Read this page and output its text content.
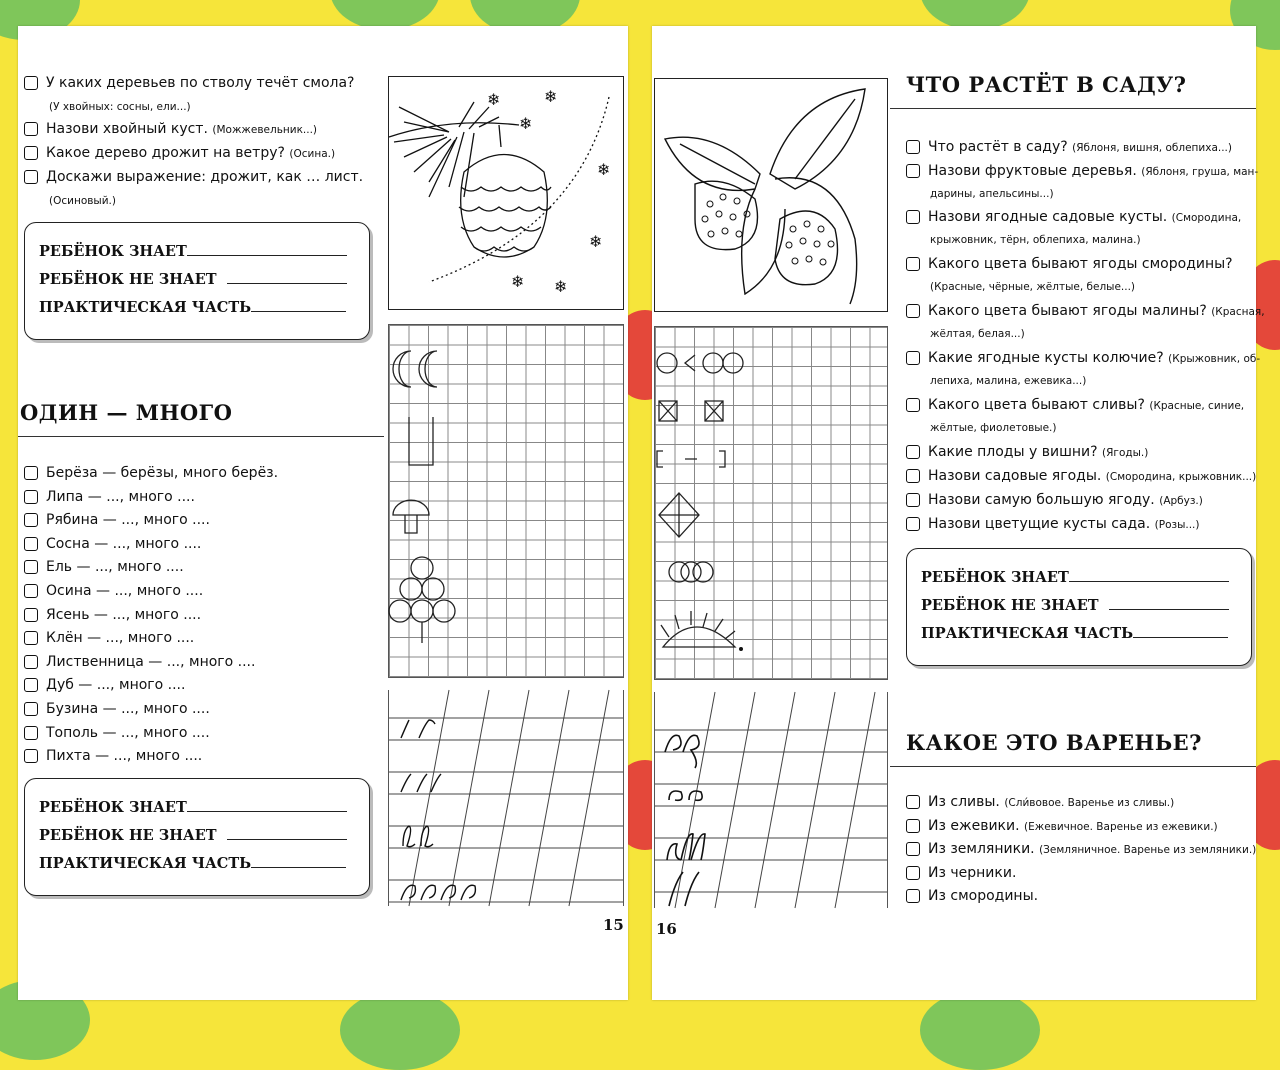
У каких деревьев по стволу течёт смола?
(У хвойных: сосны, ели...)
Назови хвойный куст. (Можжевельник...)
Какое дерево дрожит на ветру? (Осина.)
Доскажи выражение: дрожит, как … лист.
(Осиновый.)
РЕБЁНОК ЗНАЕТ
РЕБЁНОК НЕ ЗНАЕТ
ПРАКТИЧЕСКАЯ ЧАСТЬ
ОДИН — МНОГО
Берёза — берёзы, много берёз.
Липа — ..., много ....
Рябина — ..., много ....
Сосна — ..., много ....
Ель — ..., много ....
Осина — ..., много ....
Ясень — ..., много ....
Клён — ..., много ....
Лиственница — ..., много ....
Дуб — ..., много ....
Бузина — ..., много ....
Тополь — ..., много ....
Пихта — ..., много ....
РЕБЁНОК ЗНАЕТ
РЕБЁНОК НЕ ЗНАЕТ
ПРАКТИЧЕСКАЯ ЧАСТЬ
❄	❄
❄
❄
❄
❄ ❄
15 16
ЧТО РАСТЁТ В САДУ?
Что растёт в саду? (Яблоня, вишня, облепиха...)
Назови фруктовые деревья. (Яблоня, груша, ман-
дарины, апельсины...)
Назови ягодные садовые кусты. (Смородина,
крыжовник, тёрн, облепиха, малина.)
Какого цвета бывают ягоды смородины?
(Красные, чёрные, жёлтые, белые...)
Какого цвета бывают ягоды малины? (Красная,
жёлтая, белая...)
Какие ягодные кусты колючие? (Крыжовник, об-
лепиха, малина, ежевика...)
Какого цвета бывают сливы? (Красные, синие,
жёлтые, фиолетовые.)
Какие плоды у вишни? (Ягоды.)
Назови садовые ягоды. (Смородина, крыжовник...)
Назови самую большую ягоду. (Арбуз.)
Назови цветущие кусты сада. (Розы...)
РЕБЁНОК ЗНАЕТ
РЕБЁНОК НЕ ЗНАЕТ
ПРАКТИЧЕСКАЯ ЧАСТЬ
КАКОЕ ЭТО ВАРЕНЬЕ?
Из сливы. (Сли́вовое. Варенье из сливы.)
Из ежевики. (Ежевичное. Варенье из ежевики.)
Из земляники. (Земляничное. Варенье из земляники.)
Из черники.
Из смородины.
